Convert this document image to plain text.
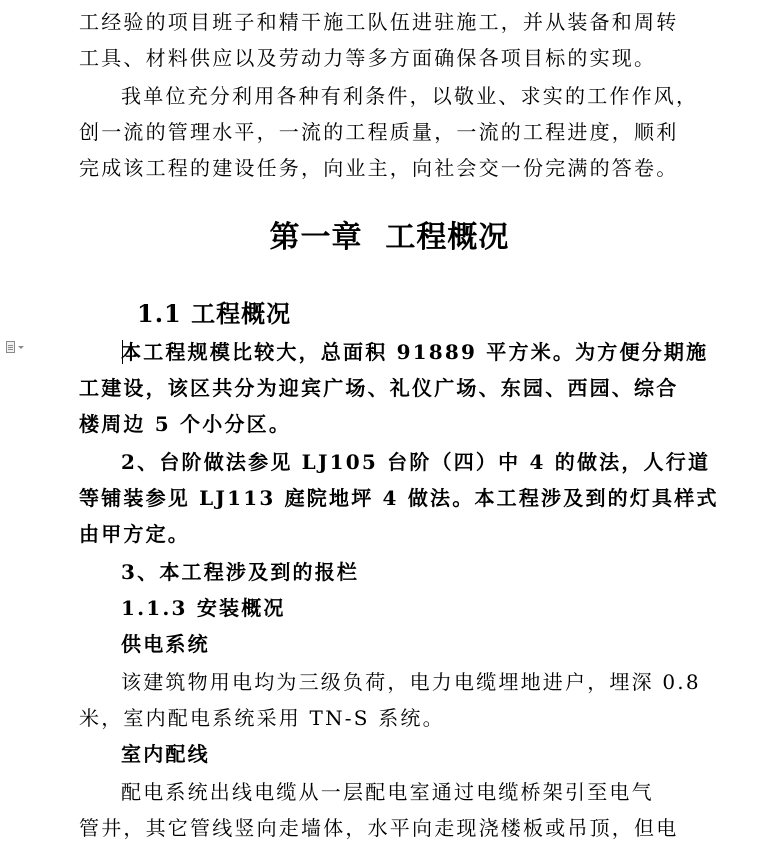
工经验的项目班子和精干施工队伍进驻施工，并从装备和周转
工具、材料供应以及劳动力等多方面确保各项目标的实现。
我单位充分利用各种有利条件，以敬业、求实的工作作风，
创一流的管理水平，一流的工程质量，一流的工程进度，顺利
完成该工程的建设任务，向业主，向社会交一份完满的答卷。
第一章  工程概况
1.1 工程概况
本工程规模比较大，总面积 91889 平方米。为方便分期施
工建设，该区共分为迎宾广场、礼仪广场、东园、西园、综合
楼周边 5 个小分区。
2、台阶做法参见 LJ105 台阶（四）中 4 的做法，人行道
等铺装参见 LJ113 庭院地坪 4 做法。本工程涉及到的灯具样式
由甲方定。
3、本工程涉及到的报栏
1.1.3 安装概况
供电系统
该建筑物用电均为三级负荷，电力电缆埋地进户，埋深 0.8
米，室内配电系统采用 TN-S 系统。
室内配线
配电系统出线电缆从一层配电室通过电缆桥架引至电气
管井，其它管线竖向走墙体，水平向走现浇楼板或吊顶，但电
